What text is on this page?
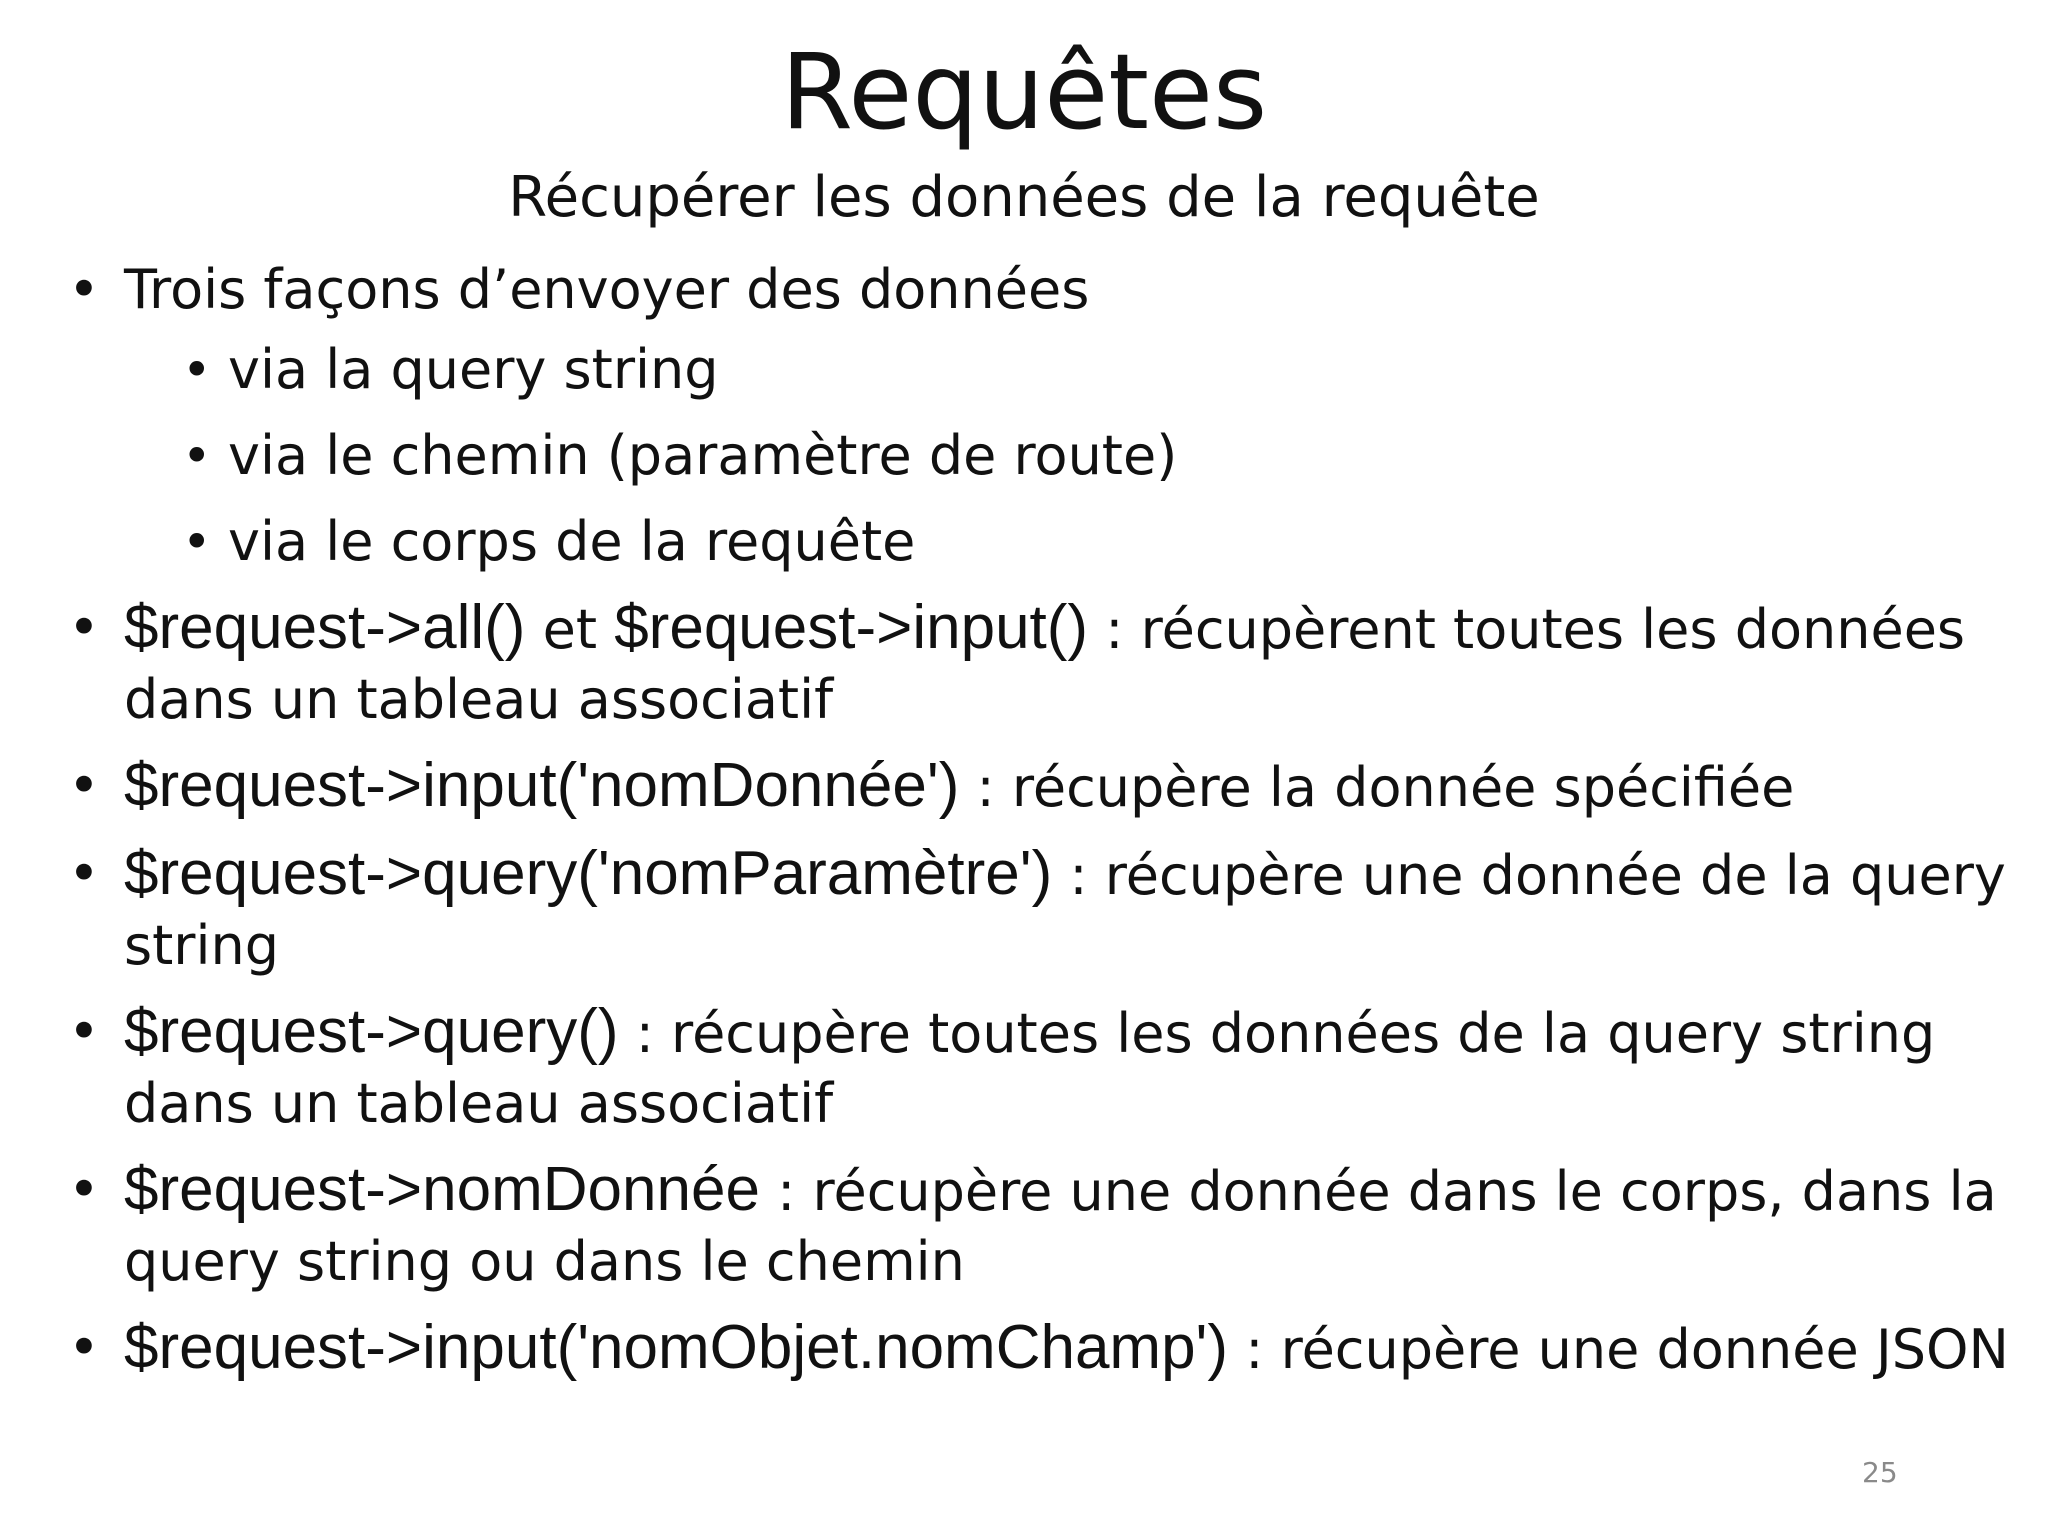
Requêtes
Récupérer les données de la requête
• Trois façons d’envoyer des données
• via la query string
• via le chemin (paramètre de route)
• via le corps de la requête
• $request->all() et $request->input() : récupèrent toutes les données dans un tableau associatif
• $request->input('nomDonnée') : récupère la donnée spécifiée
• $request->query('nomParamètre') : récupère une donnée de la query string
• $request->query() : récupère toutes les données de la query string dans un tableau associatif
• $request->nomDonnée : récupère une donnée dans le corps, dans la query string ou dans le chemin
• $request->input('nomObjet.nomChamp') : récupère une donnée JSON
25
